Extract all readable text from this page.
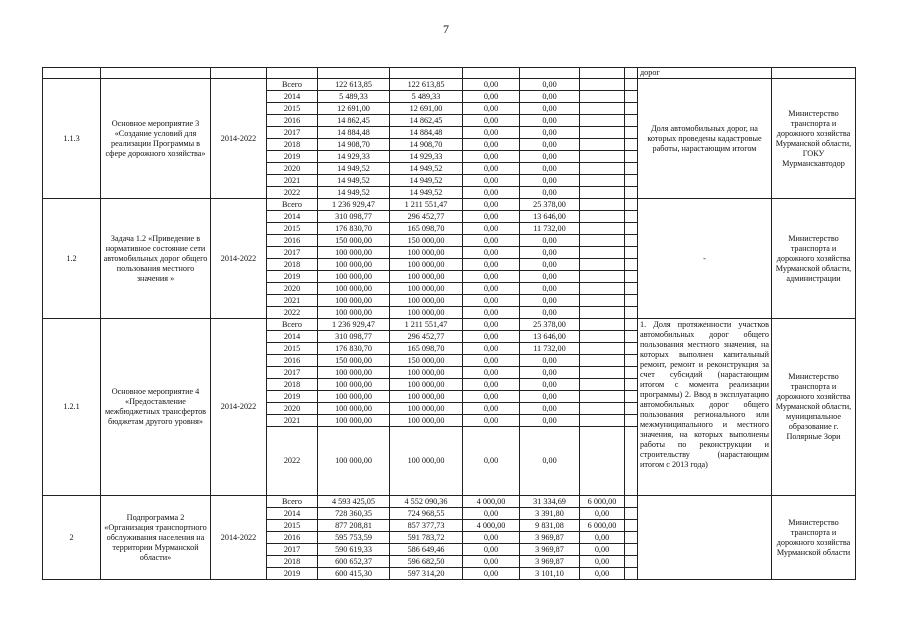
7
										дорог	
1.1.3	Основное мероприятие 3 «Создание условий для реализации Программы в сфере дорожного хозяйства»	2014-2022	Всего	122 613,85	122 613,85	0,00	0,00			Доля автомобильных дорог, на которых проведены кадастровые работы, нарастающим итогом	Министерство транспорта и дорожного хозяйства Мурманской области, ГОКУ Мурманскавтодор
			2014	5 489,33	5 489,33	0,00	0,00				
			2015	12 691,00	12 691,00	0,00	0,00				
			2016	14 862,45	14 862,45	0,00	0,00				
			2017	14 884,48	14 884,48	0,00	0,00				
			2018	14 908,70	14 908,70	0,00	0,00				
			2019	14 929,33	14 929,33	0,00	0,00				
			2020	14 949,52	14 949,52	0,00	0,00				
			2021	14 949,52	14 949,52	0,00	0,00				
			2022	14 949,52	14 949,52	0,00	0,00				
1.2	Задача 1.2 «Приведение в нормативное состояние сети автомобильных дорог общего пользования местного значения »	2014-2022	Всего	1 236 929,47	1 211 551,47	0,00	25 378,00			-	Министерство транспорта и дорожного хозяйства Мурманской области, администрации
			2014	310 098,77	296 452,77	0,00	13 646,00				
			2015	176 830,70	165 098,70	0,00	11 732,00				
			2016	150 000,00	150 000,00	0,00	0,00				
			2017	100 000,00	100 000,00	0,00	0,00				
			2018	100 000,00	100 000,00	0,00	0,00				
			2019	100 000,00	100 000,00	0,00	0,00				
			2020	100 000,00	100 000,00	0,00	0,00				
			2021	100 000,00	100 000,00	0,00	0,00				
			2022	100 000,00	100 000,00	0,00	0,00				
1.2.1	Основное мероприятие 4 «Предоставление межбюджетных трансфертов бюджетам другого уровня»	2014-2022	Всего	1 236 929,47	1 211 551,47	0,00	25 378,00			1. Доля протяженности участков автомобильных дорог общего пользования местного значения, на которых выполнен капитальный ремонт, ремонт и реконструкция за счет субсидий (нарастающим итогом с момента реализации программы) 2. Ввод в эксплуатацию автомобильных дорог общего пользования регионального или межмуниципального и местного значения, на которых выполнены работы по реконструкции и строительству (нарастающим итогом с 2013 года)	Министерство транспорта и дорожного хозяйства Мурманской области, муниципальное образование г. Полярные Зори
			2014	310 098,77	296 452,77	0,00	13 646,00				
			2015	176 830,70	165 098,70	0,00	11 732,00				
			2016	150 000,00	150 000,00	0,00	0,00				
			2017	100 000,00	100 000,00	0,00	0,00				
			2018	100 000,00	100 000,00	0,00	0,00				
			2019	100 000,00	100 000,00	0,00	0,00				
			2020	100 000,00	100 000,00	0,00	0,00				
			2021	100 000,00	100 000,00	0,00	0,00				
			2022	100 000,00	100 000,00	0,00	0,00				
2	Подпрограмма 2 «Организация транспортного обслуживания населения на территории Мурманской области»	2014-2022	Всего	4 593 425,05	4 552 090,36	4 000,00	31 334,69	6 000,00			Министерство транспорта и дорожного хозяйства Мурманской области
			2014	728 360,35	724 968,55	0,00	3 391,80	0,00			
			2015	877 208,81	857 377,73	4 000,00	9 831,08	6 000,00			
			2016	595 753,59	591 783,72	0,00	3 969,87	0,00			
			2017	590 619,33	586 649,46	0,00	3 969,87	0,00			
			2018	600 652,37	596 682,50	0,00	3 969,87	0,00			
			2019	600 415,30	597 314,20	0,00	3 101,10	0,00			
